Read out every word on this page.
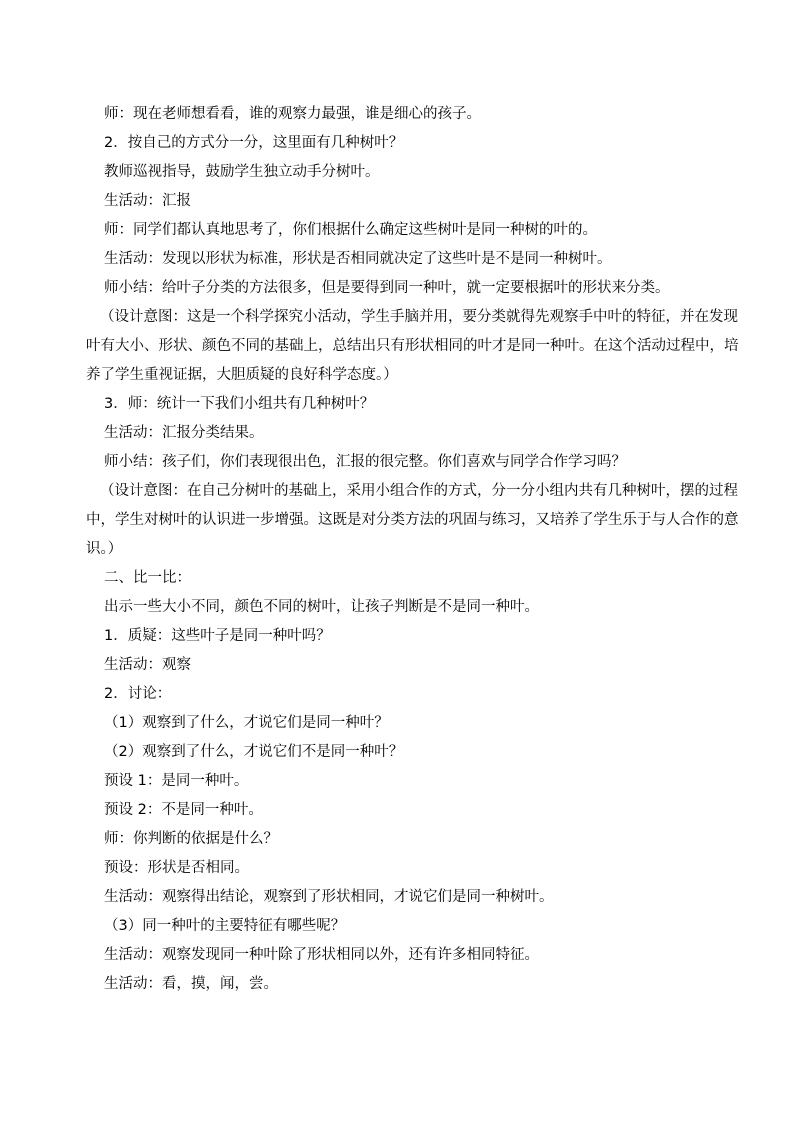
师：现在老师想看看，谁的观察力最强，谁是细心的孩子。

2．按自己的方式分一分，这里面有几种树叶？

教师巡视指导，鼓励学生独立动手分树叶。

生活动：汇报

师：同学们都认真地思考了，你们根据什么确定这些树叶是同一种树的叶的。

生活动：发现以形状为标准，形状是否相同就决定了这些叶是不是同一种树叶。

师小结：给叶子分类的方法很多，但是要得到同一种叶，就一定要根据叶的形状来分类。

（设计意图：这是一个科学探究小活动，学生手脑并用，要分类就得先观察手中叶的特征，并在发现叶有大小、形状、颜色不同的基础上，总结出只有形状相同的叶才是同一种叶。在这个活动过程中，培养了学生重视证据，大胆质疑的良好科学态度。）

3．师：统计一下我们小组共有几种树叶？

生活动：汇报分类结果。

师小结：孩子们，你们表现很出色，汇报的很完整。你们喜欢与同学合作学习吗？

（设计意图：在自己分树叶的基础上，采用小组合作的方式，分一分小组内共有几种树叶，摆的过程中，学生对树叶的认识进一步增强。这既是对分类方法的巩固与练习，又培养了学生乐于与人合作的意识。）

二、比一比：

出示一些大小不同，颜色不同的树叶，让孩子判断是不是同一种叶。

1．质疑：这些叶子是同一种叶吗？

生活动：观察

2．讨论：

（1）观察到了什么，才说它们是同一种叶？

（2）观察到了什么，才说它们不是同一种叶？

预设 1：是同一种叶。

预设 2：不是同一种叶。

师：你判断的依据是什么？

预设：形状是否相同。

生活动：观察得出结论，观察到了形状相同，才说它们是同一种树叶。

（3）同一种叶的主要特征有哪些呢？

生活动：观察发现同一种叶除了形状相同以外，还有许多相同特征。

生活动：看，摸，闻，尝。
